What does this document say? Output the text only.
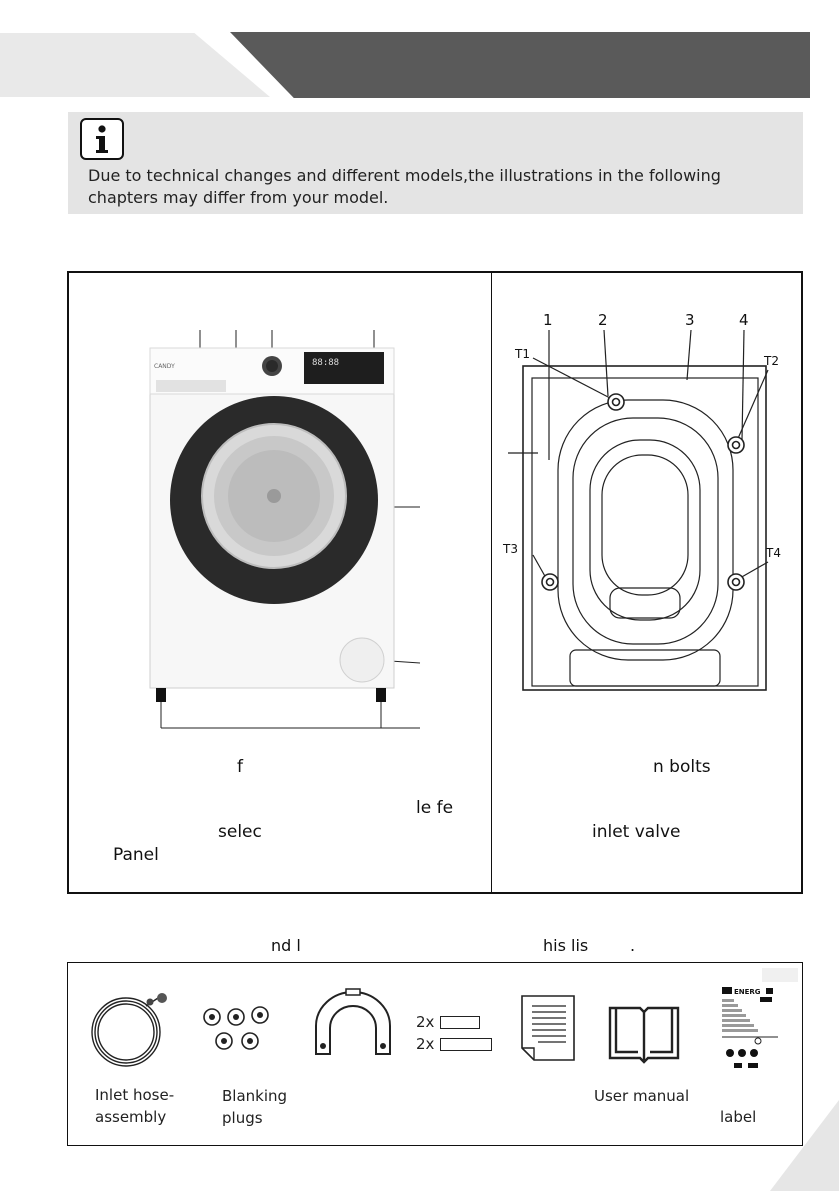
Due to technical changes and different models,the illustrations in the following chapters may differ from your model.
CANDY	88:88
f
le fe
selec
Panel
1	2	3	4
T1	T2
T3	T4
n bolts
inlet valve
nd l	his lis	.
Inlet hose-
assembly
Blanking
plugs
2x
2x
User manual
ENERG
label
